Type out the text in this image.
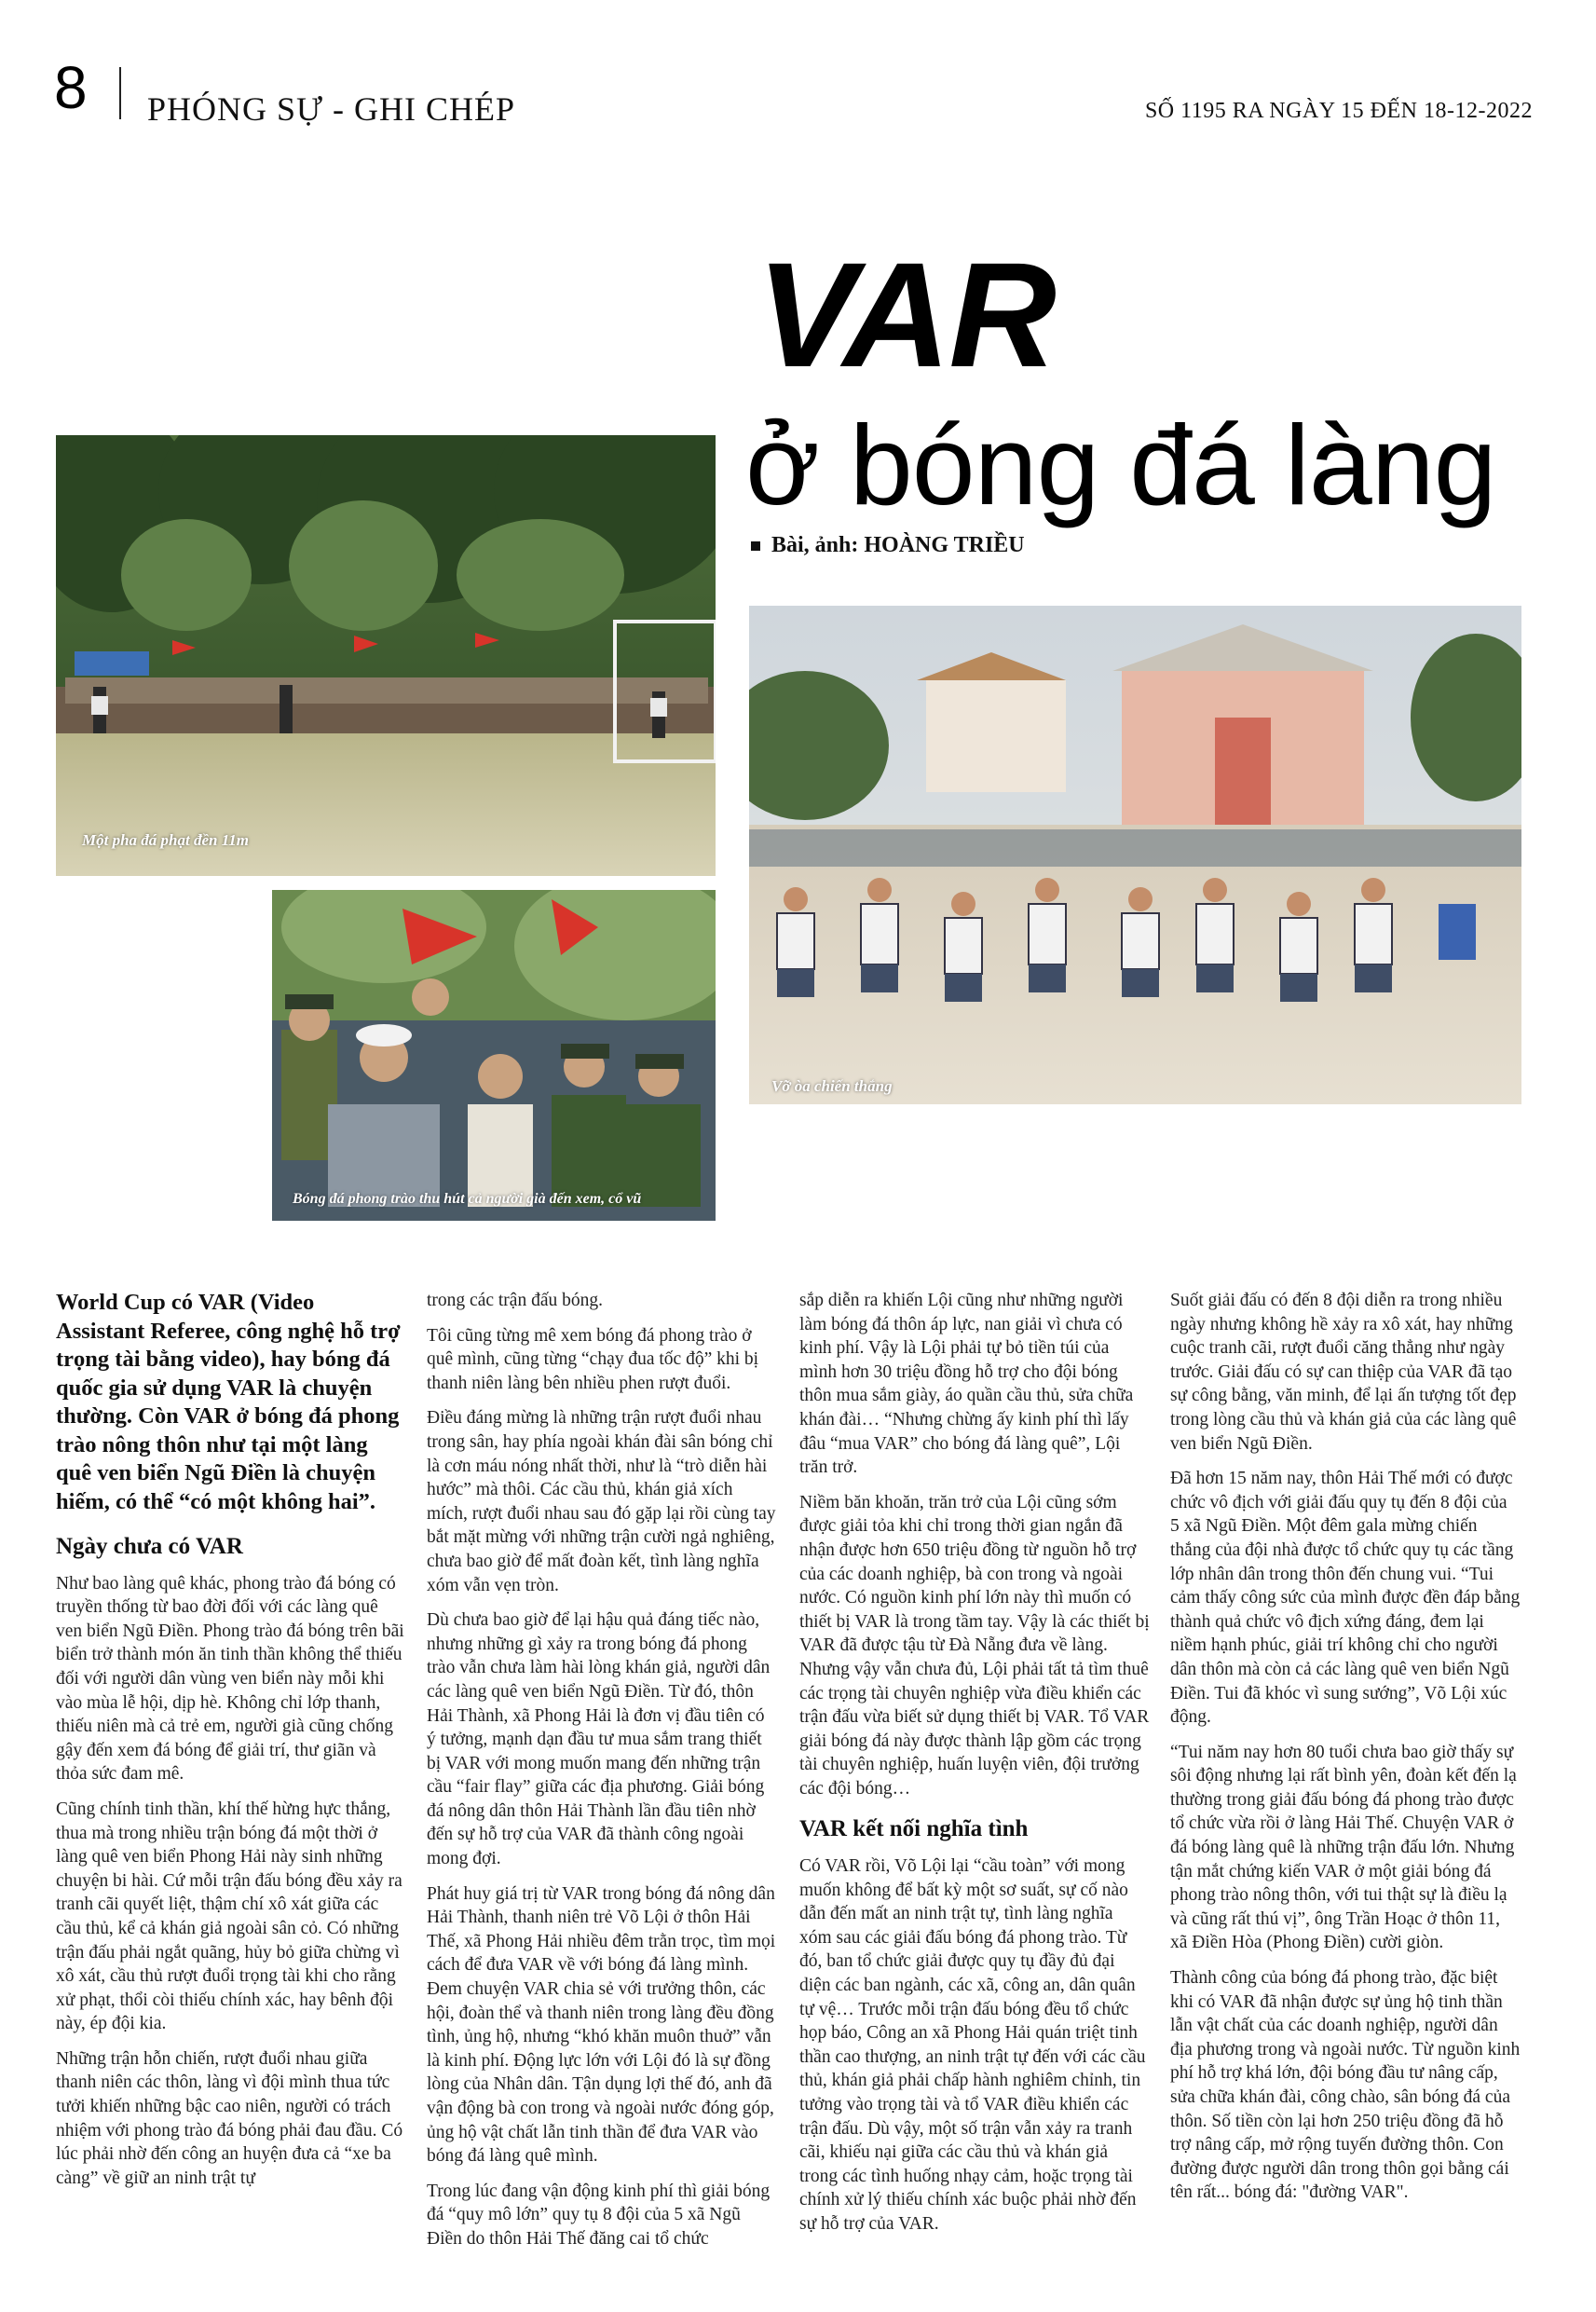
8 PHÓNG SỰ - GHI CHÉP	SỐ 1195 RA NGÀY 15 ĐẾN 18-12-2022
VAR
ở bóng đá làng
Bài, ảnh: HOÀNG TRIỀU
Một pha đá phạt đền 11m
Vỡ òa chiến thắng
Bóng đá phong trào thu hút cả người già đến xem, cổ vũ

World Cup có VAR (Video Assistant Referee, công nghệ hỗ trợ trọng tài bằng video), hay bóng đá quốc gia sử dụng VAR là chuyện thường. Còn VAR ở bóng đá phong trào nông thôn như tại một làng quê ven biển Ngũ Điền là chuyện hiếm, có thể “có một không hai”.

Ngày chưa có VAR

Như bao làng quê khác, phong trào đá bóng có truyền thống từ bao đời đối với các làng quê ven biển Ngũ Điền. Phong trào đá bóng trên bãi biển trở thành món ăn tinh thần không thể thiếu đối với người dân vùng ven biển này mỗi khi vào mùa lễ hội, dịp hè. Không chỉ lớp thanh, thiếu niên mà cả trẻ em, người già cũng chống gậy đến xem đá bóng để giải trí, thư giãn và thỏa sức đam mê.

Cũng chính tinh thần, khí thế hừng hực thắng, thua mà trong nhiều trận bóng đá một thời ở làng quê ven biển Phong Hải này sinh những chuyện bi hài. Cứ mỗi trận đấu bóng đều xảy ra tranh cãi quyết liệt, thậm chí xô xát giữa các cầu thủ, kể cả khán giả ngoài sân cỏ. Có những trận đấu phải ngắt quãng, hủy bỏ giữa chừng vì xô xát, cầu thủ rượt đuổi trọng tài khi cho rằng xử phạt, thổi còi thiếu chính xác, hay bênh đội này, ép đội kia.

Những trận hỗn chiến, rượt đuổi nhau giữa thanh niên các thôn, làng vì đội mình thua tức tưởi khiến những bậc cao niên, người có trách nhiệm với phong trào đá bóng phải đau đầu. Có lúc phải nhờ đến công an huyện đưa cả “xe ba càng” về giữ an ninh trật tự

trong các trận đấu bóng.

Tôi cũng từng mê xem bóng đá phong trào ở quê mình, cũng từng “chạy đua tốc độ” khi bị thanh niên làng bên nhiều phen rượt đuổi.

Điều đáng mừng là những trận rượt đuổi nhau trong sân, hay phía ngoài khán đài sân bóng chỉ là cơn máu nóng nhất thời, như là “trò diễn hài hước” mà thôi. Các cầu thủ, khán giả xích mích, rượt đuổi nhau sau đó gặp lại rồi cùng tay bắt mặt mừng với những trận cười ngả nghiêng, chưa bao giờ để mất đoàn kết, tình làng nghĩa xóm vẫn vẹn tròn.

Dù chưa bao giờ để lại hậu quả đáng tiếc nào, nhưng những gì xảy ra trong bóng đá phong trào vẫn chưa làm hài lòng khán giả, người dân các làng quê ven biển Ngũ Điền. Từ đó, thôn Hải Thành, xã Phong Hải là đơn vị đầu tiên có ý tưởng, mạnh dạn đầu tư mua sắm trang thiết bị VAR với mong muốn mang đến những trận cầu “fair flay” giữa các địa phương. Giải bóng đá nông dân thôn Hải Thành lần đầu tiên nhờ đến sự hỗ trợ của VAR đã thành công ngoài mong đợi.

Phát huy giá trị từ VAR trong bóng đá nông dân Hải Thành, thanh niên trẻ Võ Lội ở thôn Hải Thế, xã Phong Hải nhiều đêm trằn trọc, tìm mọi cách để đưa VAR về với bóng đá làng mình. Đem chuyện VAR chia sẻ với trưởng thôn, các hội, đoàn thể và thanh niên trong làng đều đồng tình, ủng hộ, nhưng “khó khăn muôn thuở” vẫn là kinh phí. Động lực lớn với Lội đó là sự đồng lòng của Nhân dân. Tận dụng lợi thế đó, anh đã vận động bà con trong và ngoài nước đóng góp, ủng hộ vật chất lẫn tinh thần để đưa VAR vào bóng đá làng quê mình.

Trong lúc đang vận động kinh phí thì giải bóng đá “quy mô lớn” quy tụ 8 đội của 5 xã Ngũ Điền do thôn Hải Thế đăng cai tổ chức

sắp diễn ra khiến Lội cũng như những người làm bóng đá thôn áp lực, nan giải vì chưa có kinh phí. Vậy là Lội phải tự bỏ tiền túi của mình hơn 30 triệu đồng hỗ trợ cho đội bóng thôn mua sắm giày, áo quần cầu thủ, sửa chữa khán đài… “Nhưng chừng ấy kinh phí thì lấy đâu “mua VAR” cho bóng đá làng quê”, Lội trăn trở.

Niềm băn khoăn, trăn trở của Lội cũng sớm được giải tỏa khi chỉ trong thời gian ngắn đã nhận được hơn 650 triệu đồng từ nguồn hỗ trợ của các doanh nghiệp, bà con trong và ngoài nước. Có nguồn kinh phí lớn này thì muốn có thiết bị VAR là trong tầm tay. Vậy là các thiết bị VAR đã được tậu từ Đà Nẵng đưa về làng. Nhưng vậy vẫn chưa đủ, Lội phải tất tả tìm thuê các trọng tài chuyên nghiệp vừa điều khiển các trận đấu vừa biết sử dụng thiết bị VAR. Tổ VAR giải bóng đá này được thành lập gồm các trọng tài chuyên nghiệp, huấn luyện viên, đội trưởng các đội bóng…

VAR kết nối nghĩa tình

Có VAR rồi, Võ Lội lại “cầu toàn” với mong muốn không để bất kỳ một sơ suất, sự cố nào dẫn đến mất an ninh trật tự, tình làng nghĩa xóm sau các giải đấu bóng đá phong trào. Từ đó, ban tổ chức giải được quy tụ đầy đủ đại diện các ban ngành, các xã, công an, dân quân tự vệ… Trước mỗi trận đấu bóng đều tổ chức họp báo, Công an xã Phong Hải quán triệt tinh thần cao thượng, an ninh trật tự đến với các cầu thủ, khán giả phải chấp hành nghiêm chỉnh, tin tưởng vào trọng tài và tổ VAR điều khiển các trận đấu. Dù vậy, một số trận vẫn xảy ra tranh cãi, khiếu nại giữa các cầu thủ và khán giả trong các tình huống nhạy cảm, hoặc trọng tài chính xử lý thiếu chính xác buộc phải nhờ đến sự hỗ trợ của VAR.

Suốt giải đấu có đến 8 đội diễn ra trong nhiều ngày nhưng không hề xảy ra xô xát, hay những cuộc tranh cãi, rượt đuổi căng thẳng như ngày trước. Giải đấu có sự can thiệp của VAR đã tạo sự công bằng, văn minh, để lại ấn tượng tốt đẹp trong lòng cầu thủ và khán giả của các làng quê ven biển Ngũ Điền.

Đã hơn 15 năm nay, thôn Hải Thế mới có được chức vô địch với giải đấu quy tụ đến 8 đội của 5 xã Ngũ Điền. Một đêm gala mừng chiến thắng của đội nhà được tổ chức quy tụ các tầng lớp nhân dân trong thôn đến chung vui. “Tui cảm thấy công sức của mình được đền đáp bằng thành quả chức vô địch xứng đáng, đem lại niềm hạnh phúc, giải trí không chỉ cho người dân thôn mà còn cả các làng quê ven biển Ngũ Điền. Tui đã khóc vì sung sướng”, Võ Lội xúc động.

“Tui năm nay hơn 80 tuổi chưa bao giờ thấy sự sôi động nhưng lại rất bình yên, đoàn kết đến lạ thường trong giải đấu bóng đá phong trào được tổ chức vừa rồi ở làng Hải Thế. Chuyện VAR ở đá bóng làng quê là những trận đấu lớn. Nhưng tận mắt chứng kiến VAR ở một giải bóng đá phong trào nông thôn, với tui thật sự là điều lạ và cũng rất thú vị”, ông Trần Hoạc ở thôn 11, xã Điền Hòa (Phong Điền) cười giòn.

Thành công của bóng đá phong trào, đặc biệt khi có VAR đã nhận được sự ủng hộ tinh thần lẫn vật chất của các doanh nghiệp, người dân địa phương trong và ngoài nước. Từ nguồn kinh phí hỗ trợ khá lớn, đội bóng đầu tư nâng cấp, sửa chữa khán đài, công chào, sân bóng đá của thôn. Số tiền còn lại hơn 250 triệu đồng đã hỗ trợ nâng cấp, mở rộng tuyến đường thôn. Con đường được người dân trong thôn gọi bằng cái tên rất... bóng đá: "đường VAR".
